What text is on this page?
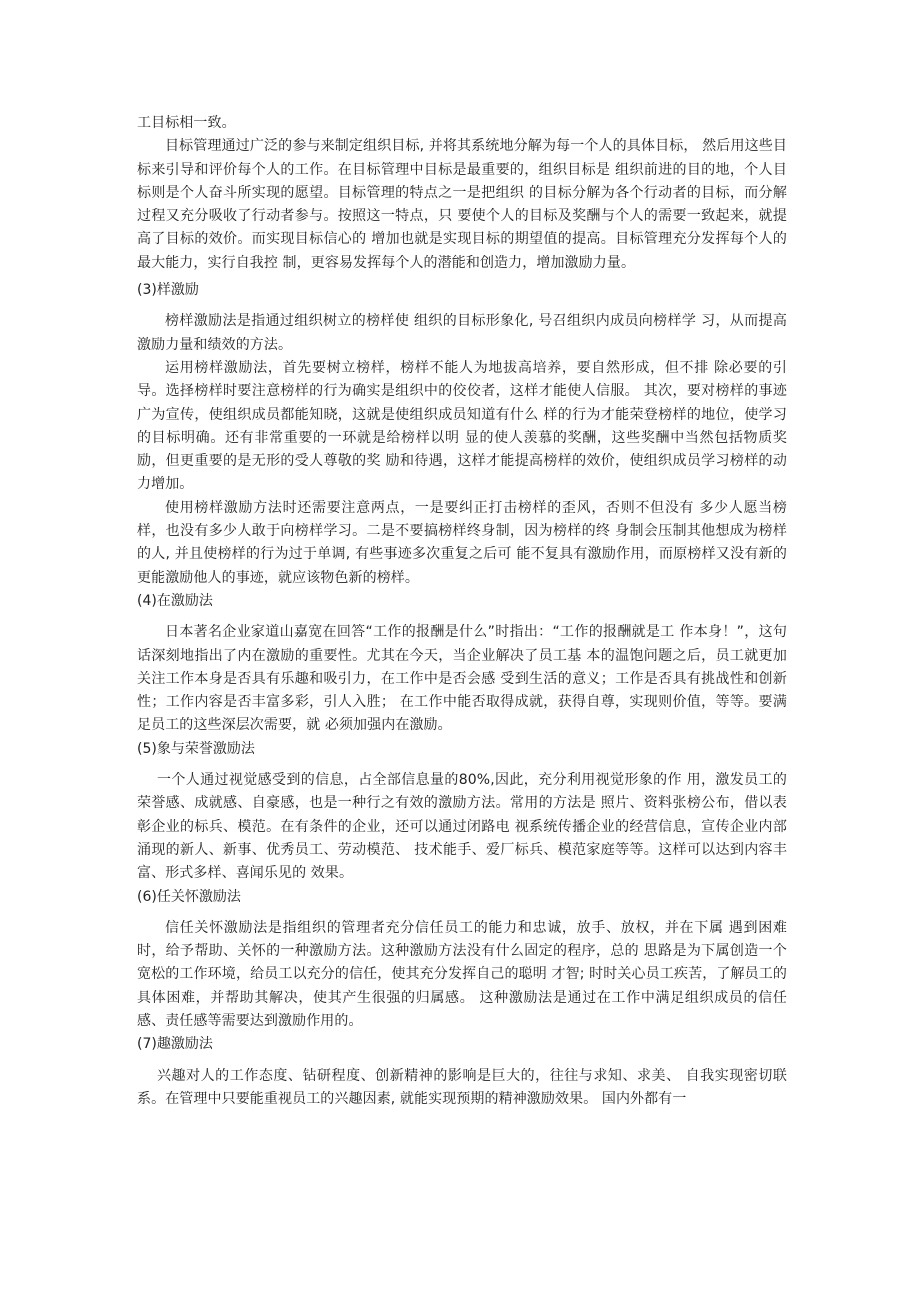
工目标相一致。

目标管理通过广泛的参与来制定组织目标, 并将其系统地分解为每一个人的具体目标， 然后用这些目标来引导和评价每个人的工作。在目标管理中目标是最重要的，组织目标是 组织前进的目的地，个人目标则是个人奋斗所实现的愿望。目标管理的特点之一是把组织 的目标分解为各个行动者的目标，而分解过程又充分吸收了行动者参与。按照这一特点，只 要使个人的目标及奖酬与个人的需要一致起来，就提高了目标的效价。而实现目标信心的 增加也就是实现目标的期望值的提高。目标管理充分发挥每个人的最大能力，实行自我控 制，更容易发挥每个人的潜能和创造力，增加激励力量。

(3)样激励

榜样激励法是指通过组织树立的榜样使 组织的目标形象化, 号召组织内成员向榜样学 习，从而提高激励力量和绩效的方法。

运用榜样激励法，首先要树立榜样，榜样不能人为地拔高培养，要自然形成，但不排 除必要的引导。选择榜样时要注意榜样的行为确实是组织中的佼佼者，这样才能使人信服。 其次，要对榜样的事迹广为宣传，使组织成员都能知晓，这就是使组织成员知道有什么 样的行为才能荣登榜样的地位，使学习的目标明确。还有非常重要的一环就是给榜样以明 显的使人羡慕的奖酬，这些奖酬中当然包括物质奖励，但更重要的是无形的受人尊敬的奖 励和待遇，这样才能提高榜样的效价，使组织成员学习榜样的动力增加。

使用榜样激励方法时还需要注意两点，一是要纠正打击榜样的歪风，否则不但没有 多少人愿当榜样，也没有多少人敢于向榜样学习。二是不要搞榜样终身制，因为榜样的终 身制会压制其他想成为榜样的人, 并且使榜样的行为过于单调, 有些事迹多次重复之后可 能不复具有激励作用，而原榜样又没有新的更能激励他人的事迹，就应该物色新的榜样。

(4)在激励法

日本著名企业家道山嘉宽在回答“工作的报酬是什么”时指出：“工作的报酬就是工 作本身！”，这句话深刻地指出了内在激励的重要性。尤其在今天，当企业解决了员工基 本的温饱问题之后，员工就更加关注工作本身是否具有乐趣和吸引力，在工作中是否会感 受到生活的意义；工作是否具有挑战性和创新性；工作内容是否丰富多彩，引人入胜； 在工作中能否取得成就，获得自尊，实现则价值，等等。要满足员工的这些深层次需要，就 必须加强内在激励。

(5)象与荣誉激励法

一个人通过视觉感受到的信息，占全部信息量的80%,因此，充分利用视觉形象的作 用，激发员工的荣誉感、成就感、自豪感，也是一种行之有效的激励方法。常用的方法是 照片、资料张榜公布，借以表彰企业的标兵、模范。在有条件的企业，还可以通过闭路电 视系统传播企业的经营信息，宣传企业内部涌现的新人、新事、优秀员工、劳动模范、 技术能手、爱厂标兵、模范家庭等等。这样可以达到内容丰富、形式多样、喜闻乐见的 效果。

(6)任关怀激励法

信任关怀激励法是指组织的管理者充分信任员工的能力和忠诚，放手、放权，并在下属 遇到困难时，给予帮助、关怀的一种激励方法。这种激励方法没有什么固定的程序，总的 思路是为下属创造一个宽松的工作环境，给员工以充分的信任，使其充分发挥自己的聪明 才智; 时时关心员工疾苦，了解员工的具体困难，并帮助其解决，使其产生很强的归属感。 这种激励法是通过在工作中满足组织成员的信任感、责任感等需要达到激励作用的。

(7)趣激励法

兴趣对人的工作态度、钻研程度、创新精神的影响是巨大的，往往与求知、求美、 自我实现密切联系。在管理中只要能重视员工的兴趣因素, 就能实现预期的精神激励效果。 国内外都有一
